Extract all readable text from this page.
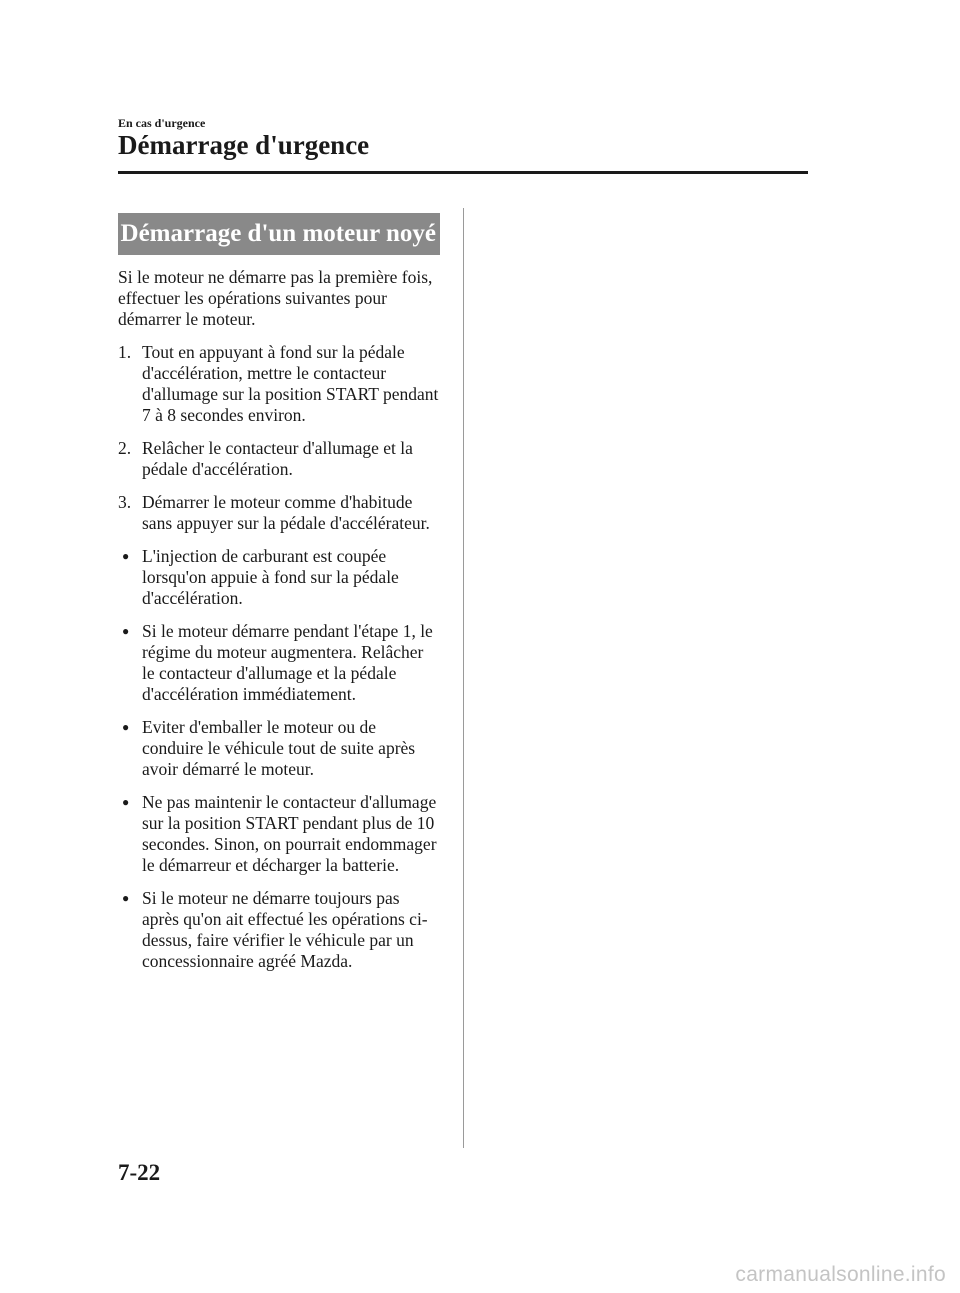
En cas d'urgence
Démarrage d'urgence
Démarrage d'un moteur noyé

Si le moteur ne démarre pas la première fois, effectuer les opérations suivantes pour démarrer le moteur.

1. Tout en appuyant à fond sur la pédale d'accélération, mettre le contacteur d'allumage sur la position START pendant 7 à 8 secondes environ.
2. Relâcher le contacteur d'allumage et la pédale d'accélération.
3. Démarrer le moteur comme d'habitude sans appuyer sur la pédale d'accélérateur.
● L'injection de carburant est coupée lorsqu'on appuie à fond sur la pédale d'accélération.
● Si le moteur démarre pendant l'étape 1, le régime du moteur augmentera. Relâcher le contacteur d'allumage et la pédale d'accélération immédiatement.
● Eviter d'emballer le moteur ou de conduire le véhicule tout de suite après avoir démarré le moteur.
● Ne pas maintenir le contacteur d'allumage sur la position START pendant plus de 10 secondes. Sinon, on pourrait endommager le démarreur et décharger la batterie.
● Si le moteur ne démarre toujours pas après qu'on ait effectué les opérations ci-dessus, faire vérifier le véhicule par un concessionnaire agréé Mazda.
7-22
carmanualsonline.info
